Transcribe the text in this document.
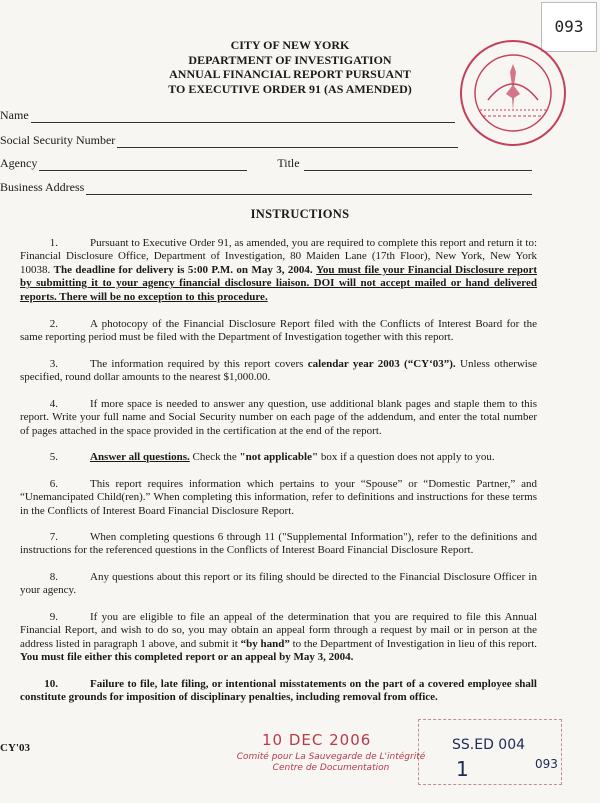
093
CITY OF NEW YORK
DEPARTMENT OF INVESTIGATION
ANNUAL FINANCIAL REPORT PURSUANT
TO EXECUTIVE ORDER 91 (AS AMENDED)
Name
Social Security Number
Agency	Title
Business Address
INSTRUCTIONS
1.	Pursuant to Executive Order 91, as amended, you are required to complete this report and return it to: Financial Disclosure Office, Department of Investigation, 80 Maiden Lane (17th Floor), New York, New York 10038. The deadline for delivery is 5:00 P.M. on May 3, 2004. You must file your Financial Disclosure report by submitting it to your agency financial disclosure liaison. DOI will not accept mailed or hand delivered reports. There will be no exception to this procedure.
2.	A photocopy of the Financial Disclosure Report filed with the Conflicts of Interest Board for the same reporting period must be filed with the Department of Investigation together with this report.
3.	The information required by this report covers calendar year 2003 (“CY‘03”). Unless otherwise specified, round dollar amounts to the nearest $1,000.00.
4.	If more space is needed to answer any question, use additional blank pages and staple them to this report. Write your full name and Social Security number on each page of the addendum, and enter the total number of pages attached in the space provided in the certification at the end of the report.
5.	Answer all questions. Check the "not applicable" box if a question does not apply to you.
6.	This report requires information which pertains to your “Spouse” or “Domestic Partner,” and “Unemancipated Child(ren).” When completing this information, refer to definitions and instructions for these terms in the Conflicts of Interest Board Financial Disclosure Report.
7.	When completing questions 6 through 11 ("Supplemental Information"), refer to the definitions and instructions for the referenced questions in the Conflicts of Interest Board Financial Disclosure Report.
8.	Any questions about this report or its filing should be directed to the Financial Disclosure Officer in your agency.
9.	If you are eligible to file an appeal of the determination that you are required to file this Annual Financial Report, and wish to do so, you may obtain an appeal form through a request by mail or in person at the address listed in paragraph 1 above, and submit it “by hand” to the Department of Investigation in lieu of this report. You must file either this completed report or an appeal by May 3, 2004.
10.	Failure to file, late filing, or intentional misstatements on the part of a covered employee shall constitute grounds for imposition of disciplinary penalties, including removal from office.
CY'03	10 DEC 2006
Comité pour La Sauvegarde de L'intégrité
Centre de Documentation
SS.ED 004
1	093
